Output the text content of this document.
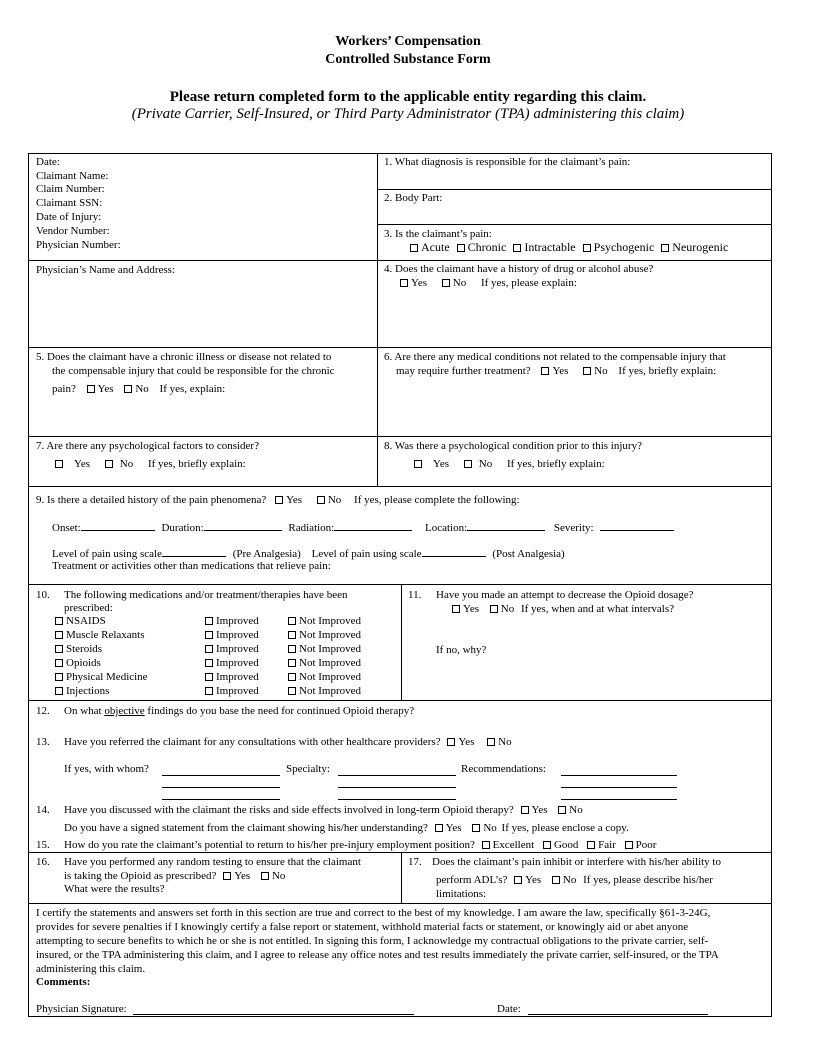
Workers’ Compensation
Controlled Substance Form
Please return completed form to the applicable entity regarding this claim.
(Private Carrier, Self-Insured, or Third Party Administrator (TPA) administering this claim)
Date:
Claimant Name:
Claim Number:
Claimant SSN:
Date of Injury:
Vendor Number:
Physician Number:
1. What diagnosis is responsible for the claimant’s pain:
2. Body Part:
3. Is the claimant’s pain:
Acute Chronic Intractable Psychogenic Neurogenic
Physician’s Name and Address:	4. Does the claimant have a history of drug or alcohol abuse?
Yes No If yes, please explain:
5. Does the claimant have a chronic illness or disease not related to
the compensable injury that could be responsible for the chronic
pain? Yes No If yes, explain:
6. Are there any medical conditions not related to the compensable injury that
may require further treatment? Yes No If yes, briefly explain:
7. Are there any psychological factors to consider?
Yes	No If yes, briefly explain:
8. Was there a psychological condition prior to this injury?
Yes	No If yes, briefly explain:
9. Is there a detailed history of the pain phenomena? Yes No If yes, please complete the following:
Onset:	Duration:	Radiation:	Location:	Severity:
Level of pain using scale	(Pre Analgesia) Level of pain using scale	(Post Analgesia)
Treatment or activities other than medications that relieve pain:
10. The following medications and/or treatment/therapies have been
prescribed:
NSAIDS	Improved	Not Improved
Muscle Relaxants	Improved	Not Improved
Steroids	Improved	Not Improved
Opioids	Improved	Not Improved
Physical Medicine	Improved	Not Improved
Injections	Improved	Not Improved
11. Have you made an attempt to decrease the Opioid dosage?
Yes No If yes, when and at what intervals?
If no, why?
12. On what objective findings do you base the need for continued Opioid therapy?
13. Have you referred the claimant for any consultations with other healthcare providers? Yes No
If yes, with whom?	Specialty:	Recommendations:
14. Have you discussed with the claimant the risks and side effects involved in long-term Opioid therapy? Yes No
Do you have a signed statement from the claimant showing his/her understanding? Yes No If yes, please enclose a copy.
15. How do you rate the claimant’s potential to return to his/her pre-injury employment position? Excellent Good Fair Poor
16. Have you performed any random testing to ensure that the claimant
is taking the Opioid as prescribed? Yes No
What were the results?
17. Does the claimant’s pain inhibit or interfere with his/her ability to
perform ADL’s? Yes No If yes, please describe his/her
limitations:
I certify the statements and answers set forth in this section are true and correct to the best of my knowledge. I am aware the law, specifically §61-3-24G,
provides for severe penalties if I knowingly certify a false report or statement, withhold material facts or statement, or knowingly aid or abet anyone
attempting to secure benefits to which he or she is not entitled. In signing this form, I acknowledge my contractual obligations to the private carrier, self-
insured, or the TPA administering this claim, and I agree to release any office notes and test results immediately the private carrier, self-insured, or the TPA
administering this claim.
Comments:
Physician Signature:	Date:
